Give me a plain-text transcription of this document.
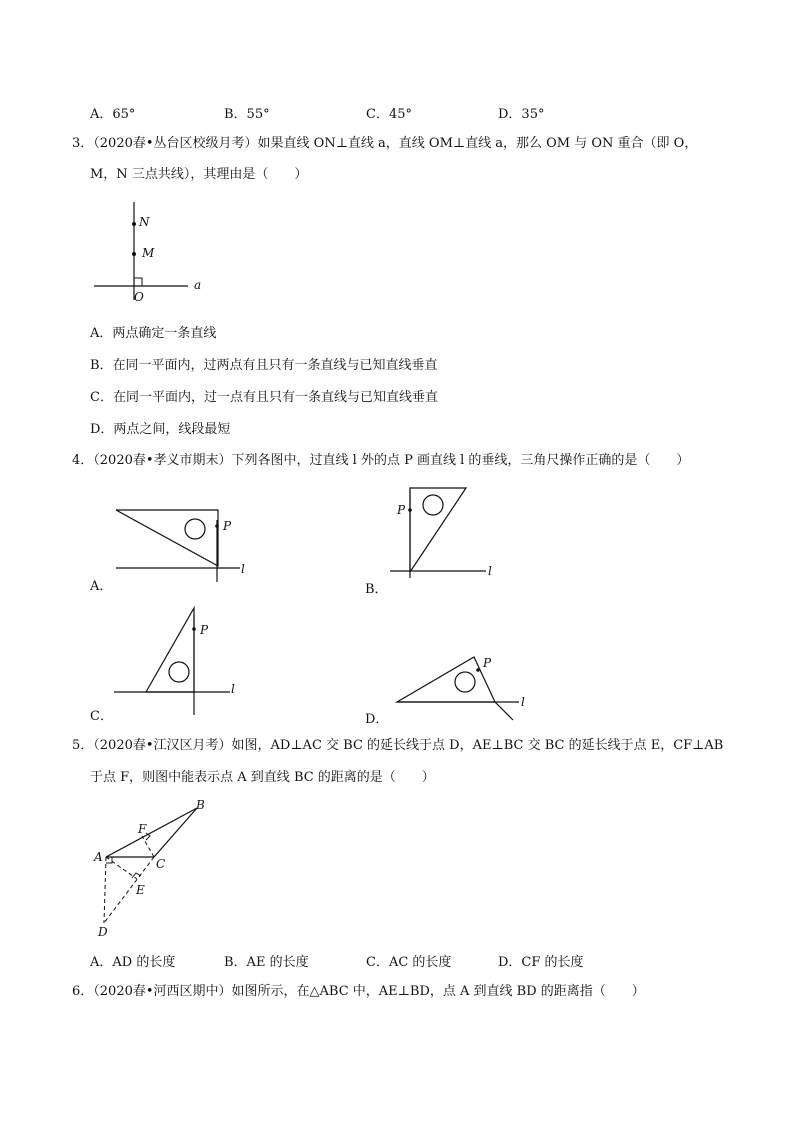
A．65°	B．55°	C．45°	D．35°
3．（2020春•丛台区校级月考）如果直线 ON⊥直线 a，直线 OM⊥直线 a，那么 OM 与 ON 重合（即 O，
M，N 三点共线），其理由是（　　）
N
M
O
a
A．两点确定一条直线
B．在同一平面内，过两点有且只有一条直线与已知直线垂直
C．在同一平面内，过一点有且只有一条直线与已知直线垂直
D．两点之间，线段最短
4．（2020春•孝义市期末）下列各图中，过直线 l 外的点 P 画直线 l 的垂线，三角尺操作正确的是（　　）
P
l
A．
P
l
B．
P
l
C．
P
l
D．
5．（2020春•江汉区月考）如图，AD⊥AC 交 BC 的延长线于点 D，AE⊥BC 交 BC 的延长线于点 E，CF⊥AB
于点 F，则图中能表示点 A 到直线 BC 的距离的是（　　）
B
F
A	C
E
D
A．AD 的长度	B．AE 的长度	C．AC 的长度	D．CF 的长度
6．（2020春•河西区期中）如图所示，在△ABC 中，AE⊥BD，点 A 到直线 BD 的距离指（　　）
